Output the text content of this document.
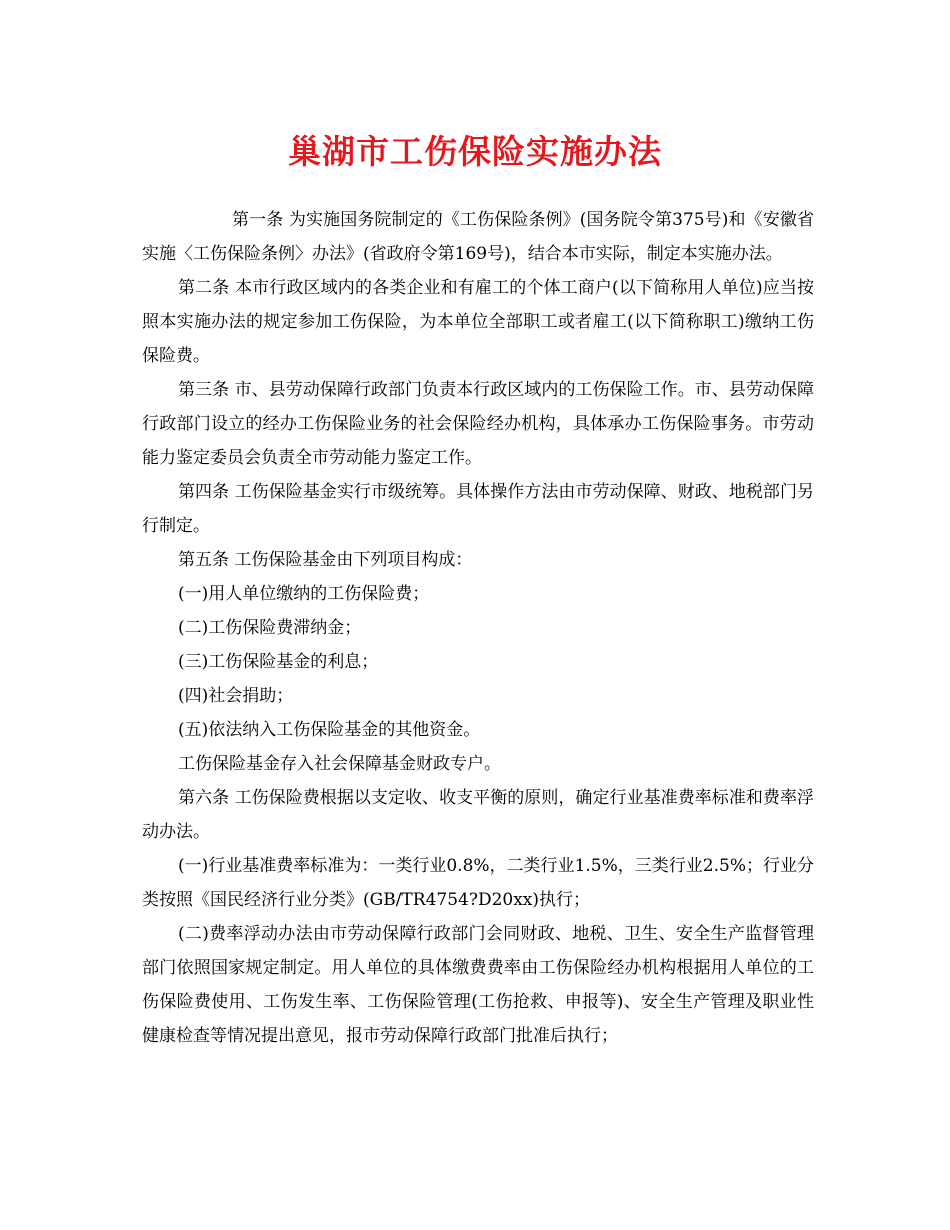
巢湖市工伤保险实施办法

第一条 为实施国务院制定的《工伤保险条例》(国务院令第375号)和《安徽省实施〈工伤保险条例〉办法》(省政府令第169号)，结合本市实际，制定本实施办法。

第二条 本市行政区域内的各类企业和有雇工的个体工商户(以下简称用人单位)应当按照本实施办法的规定参加工伤保险，为本单位全部职工或者雇工(以下简称职工)缴纳工伤保险费。

第三条 市、县劳动保障行政部门负责本行政区域内的工伤保险工作。市、县劳动保障行政部门设立的经办工伤保险业务的社会保险经办机构，具体承办工伤保险事务。市劳动能力鉴定委员会负责全市劳动能力鉴定工作。

第四条 工伤保险基金实行市级统筹。具体操作方法由市劳动保障、财政、地税部门另行制定。

第五条 工伤保险基金由下列项目构成：

(一)用人单位缴纳的工伤保险费；

(二)工伤保险费滞纳金；

(三)工伤保险基金的利息；

(四)社会捐助；

(五)依法纳入工伤保险基金的其他资金。

工伤保险基金存入社会保障基金财政专户。

第六条 工伤保险费根据以支定收、收支平衡的原则，确定行业基准费率标准和费率浮动办法。

(一)行业基准费率标准为：一类行业0.8%，二类行业1.5%，三类行业2.5%；行业分类按照《国民经济行业分类》(GB/TR4754?D20xx)执行；

(二)费率浮动办法由市劳动保障行政部门会同财政、地税、卫生、安全生产监督管理部门依照国家规定制定。用人单位的具体缴费费率由工伤保险经办机构根据用人单位的工伤保险费使用、工伤发生率、工伤保险管理(工伤抢救、申报等)、安全生产管理及职业性健康检查等情况提出意见，报市劳动保障行政部门批准后执行；
